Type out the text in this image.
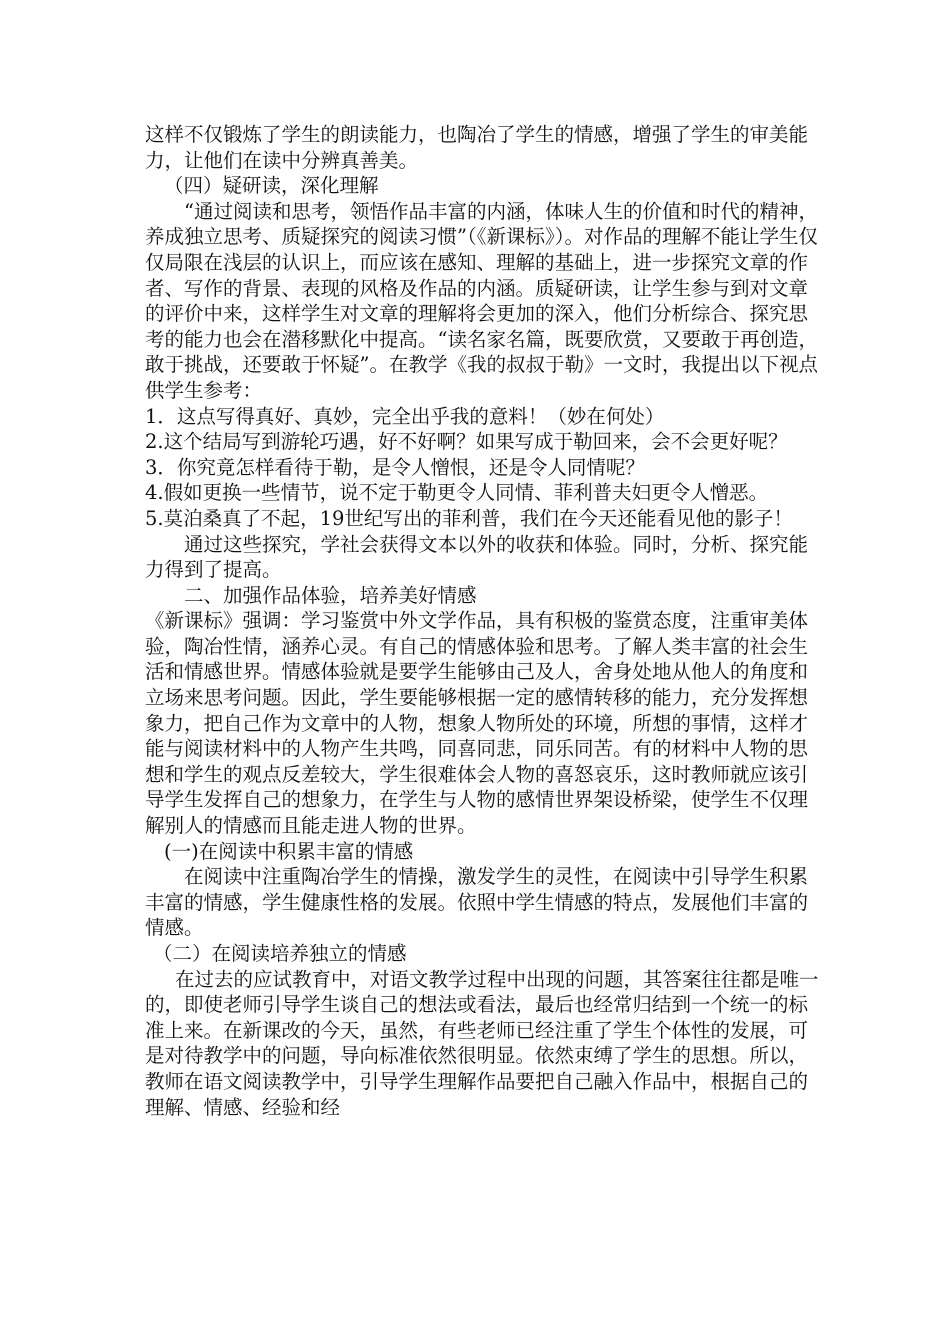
这样不仅锻炼了学生的朗读能力，也陶冶了学生的情感，增强了学生的审美能力，让他们在读中分辨真善美。

（四）疑研读，深化理解

“通过阅读和思考，领悟作品丰富的内涵，体味人生的价值和时代的精神，养成独立思考、质疑探究的阅读习惯”（《新课标》）。对作品的理解不能让学生仅仅局限在浅层的认识上，而应该在感知、理解的基础上，进一步探究文章的作者、写作的背景、表现的风格及作品的内涵。质疑研读，让学生参与到对文章的评价中来，这样学生对文章的理解将会更加的深入，他们分析综合、探究思考的能力也会在潜移默化中提高。“读名家名篇，既要欣赏，又要敢于再创造，敢于挑战，还要敢于怀疑”。在教学《我的叔叔于勒》一文时，我提出以下视点供学生参考：

1．这点写得真好、真妙，完全出乎我的意料！（妙在何处）

2.这个结局写到游轮巧遇，好不好啊？如果写成于勒回来，会不会更好呢？

3．你究竟怎样看待于勒，是令人憎恨，还是令人同情呢？

4.假如更换一些情节，说不定于勒更令人同情、菲利普夫妇更令人憎恶。

5.莫泊桑真了不起，19世纪写出的菲利普，我们在今天还能看见他的影子！

通过这些探究，学社会获得文本以外的收获和体验。同时，分析、探究能力得到了提高。

二、加强作品体验，培养美好情感

《新课标》强调：学习鉴赏中外文学作品，具有积极的鉴赏态度，注重审美体验，陶冶性情，涵养心灵。有自己的情感体验和思考。了解人类丰富的社会生活和情感世界。情感体验就是要学生能够由己及人，舍身处地从他人的角度和立场来思考问题。因此，学生要能够根据一定的感情转移的能力，充分发挥想象力，把自己作为文章中的人物，想象人物所处的环境，所想的事情，这样才能与阅读材料中的人物产生共鸣，同喜同悲，同乐同苦。有的材料中人物的思想和学生的观点反差较大，学生很难体会人物的喜怒哀乐，这时教师就应该引导学生发挥自己的想象力，在学生与人物的感情世界架设桥梁，使学生不仅理解别人的情感而且能走进人物的世界。

(一)在阅读中积累丰富的情感

在阅读中注重陶冶学生的情操，激发学生的灵性，在阅读中引导学生积累丰富的情感，学生健康性格的发展。依照中学生情感的特点，发展他们丰富的情感。

（二）在阅读培养独立的情感

在过去的应试教育中，对语文教学过程中出现的问题，其答案往往都是唯一的，即使老师引导学生谈自己的想法或看法，最后也经常归结到一个统一的标准上来。在新课改的今天，虽然，有些老师已经注重了学生个体性的发展，可是对待教学中的问题，导向标准依然很明显。依然束缚了学生的思想。所以，教师在语文阅读教学中，引导学生理解作品要把自己融入作品中，根据自己的理解、情感、经验和经
